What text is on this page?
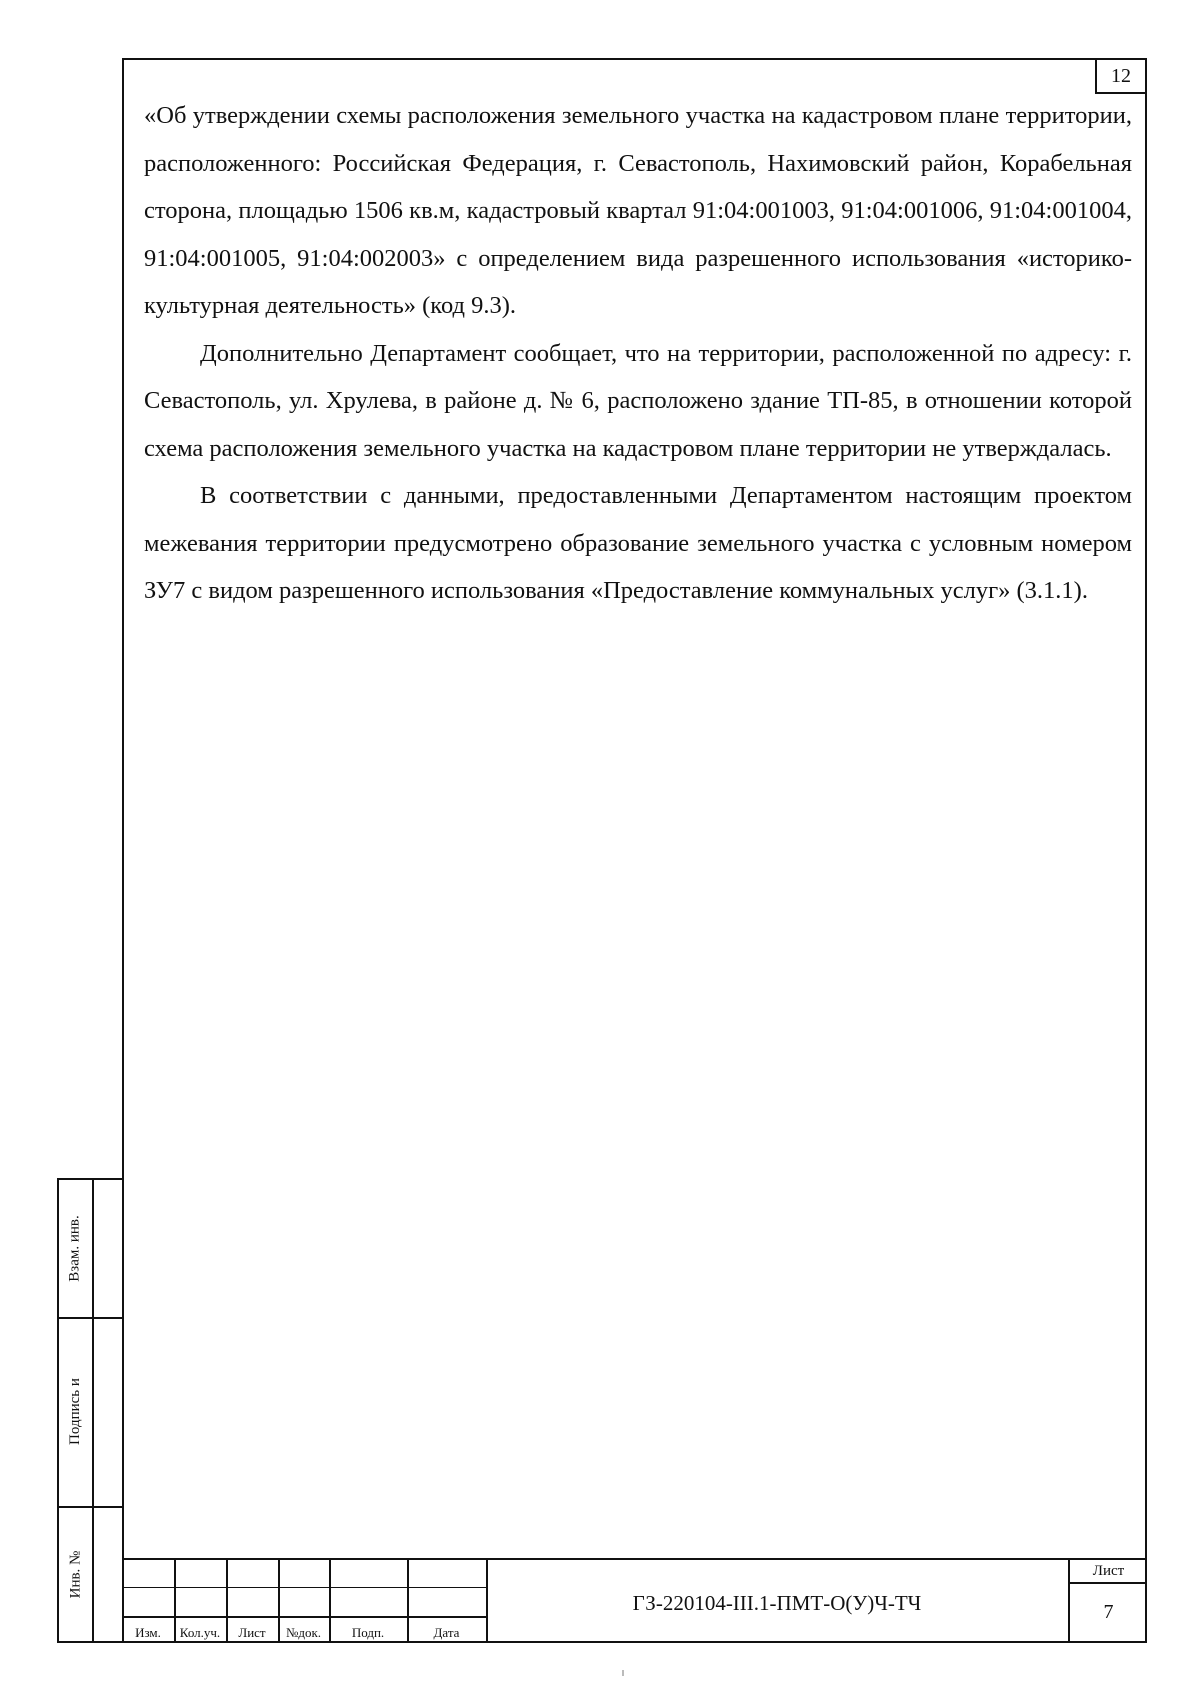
12

«Об утверждении схемы расположения земельного участка на кадастровом плане территории, расположенного: Российская Федерация, г. Севастополь, Нахимовский район, Корабельная сторона, площадью 1506 кв.м, кадастровый квартал 91:04:001003, 91:04:001006, 91:04:001004, 91:04:001005, 91:04:002003» с определением вида разрешенного использования «историко-культурная деятельность» (код 9.3).

Дополнительно Департамент сообщает, что на территории, расположенной по адресу: г. Севастополь, ул. Хрулева, в районе д. № 6, расположено здание ТП-85, в отношении которой схема расположения земельного участка на кадастровом плане территории не утверждалась.

В соответствии с данными, предоставленными Департаментом настоящим проектом межевания территории предусмотрено образование земельного участка с условным номером ЗУ7 с видом разрешенного использования «Предоставление коммунальных услуг» (3.1.1).

Изм.	Кол.уч.	Лист	№док.	Подп.	Дата
ГЗ-220104-III.1-ПМТ-О(У)Ч-ТЧ
Лист
7
Взам. инв.
Подпись и
Инв. №
